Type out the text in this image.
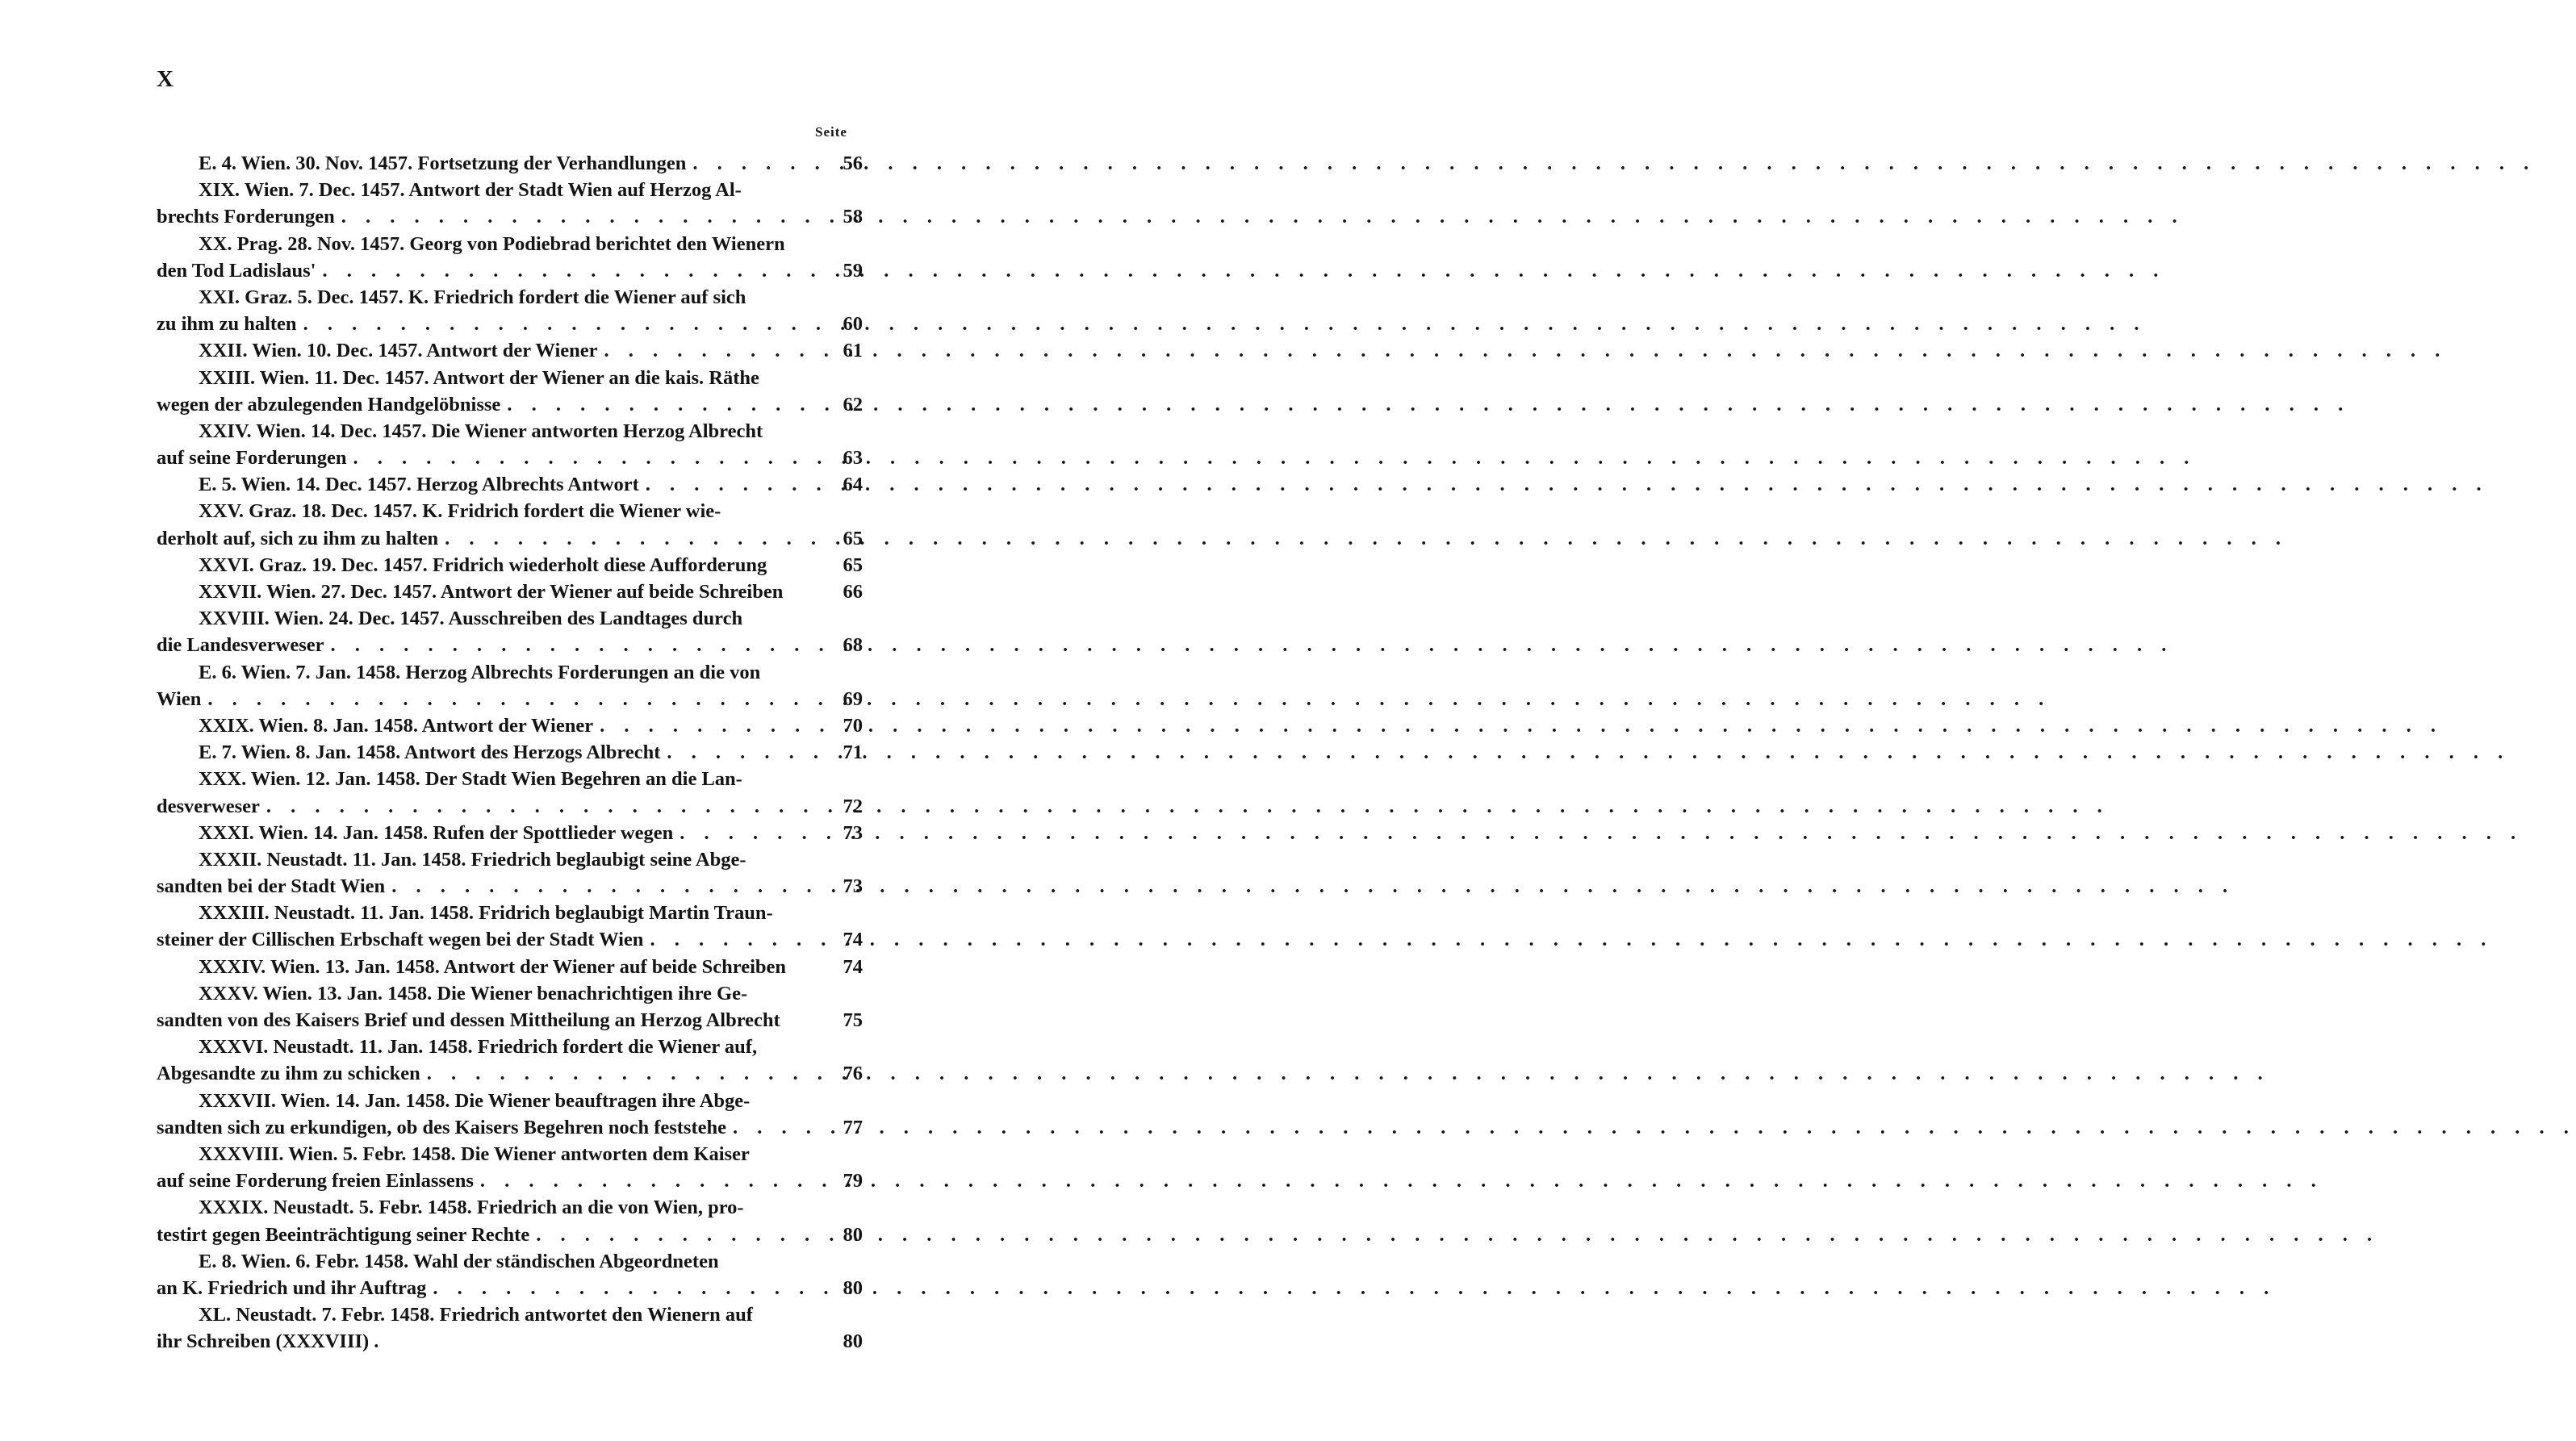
X
Seite
E. 4. Wien. 30. Nov. 1457. Fortsetzung der Verhandlungen . . .	56
XIX. Wien. 7. Dec. 1457. Antwort der Stadt Wien auf Herzog Al-
brechts Forderungen . . .	58
XX. Prag. 28. Nov. 1457. Georg von Podiebrad berichtet den Wienern
den Tod Ladislaus' . . .	59
XXI. Graz. 5. Dec. 1457. K. Friedrich fordert die Wiener auf sich
zu ihm zu halten . . .	60
XXII. Wien. 10. Dec. 1457. Antwort der Wiener . . .	61
XXIII. Wien. 11. Dec. 1457. Antwort der Wiener an die kais. Räthe
wegen der abzulegenden Handgelöbnisse . . .	62
XXIV. Wien. 14. Dec. 1457. Die Wiener antworten Herzog Albrecht
auf seine Forderungen . . .	63
E. 5. Wien. 14. Dec. 1457. Herzog Albrechts Antwort . . .	64
XXV. Graz. 18. Dec. 1457. K. Fridrich fordert die Wiener wie-
derholt auf, sich zu ihm zu halten . . .	65
XXVI. Graz. 19. Dec. 1457. Fridrich wiederholt diese Aufforderung	65
XXVII. Wien. 27. Dec. 1457. Antwort der Wiener auf beide Schreiben	66
XXVIII. Wien. 24. Dec. 1457. Ausschreiben des Landtages durch
die Landesverweser . . .	68
E. 6. Wien. 7. Jan. 1458. Herzog Albrechts Forderungen an die von
Wien . . .	69
XXIX. Wien. 8. Jan. 1458. Antwort der Wiener . . .	70
E. 7. Wien. 8. Jan. 1458. Antwort des Herzogs Albrecht . . .	71
XXX. Wien. 12. Jan. 1458. Der Stadt Wien Begehren an die Lan-
desverweser . . .	72
XXXI. Wien. 14. Jan. 1458. Rufen der Spottlieder wegen . . .	73
XXXII. Neustadt. 11. Jan. 1458. Friedrich beglaubigt seine Abge-
sandten bei der Stadt Wien . . .	73
XXXIII. Neustadt. 11. Jan. 1458. Fridrich beglaubigt Martin Traun-
steiner der Cillischen Erbschaft wegen bei der Stadt Wien . . .	74
XXXIV. Wien. 13. Jan. 1458. Antwort der Wiener auf beide Schreiben	74
XXXV. Wien. 13. Jan. 1458. Die Wiener benachrichtigen ihre Ge-
sandten von des Kaisers Brief und dessen Mittheilung an Herzog Albrecht	75
XXXVI. Neustadt. 11. Jan. 1458. Friedrich fordert die Wiener auf,
Abgesandte zu ihm zu schicken . . .	76
XXXVII. Wien. 14. Jan. 1458. Die Wiener beauftragen ihre Abge-
sandten sich zu erkundigen, ob des Kaisers Begehren noch feststehe . . .	77
XXXVIII. Wien. 5. Febr. 1458. Die Wiener antworten dem Kaiser
auf seine Forderung freien Einlassens . . .	79
XXXIX. Neustadt. 5. Febr. 1458. Friedrich an die von Wien, pro-
testirt gegen Beeinträchtigung seiner Rechte . . .	80
E. 8. Wien. 6. Febr. 1458. Wahl der ständischen Abgeordneten
an K. Friedrich und ihr Auftrag . . .	80
XL. Neustadt. 7. Febr. 1458. Friedrich antwortet den Wienern auf
ihr Schreiben (XXXVIII) .	80
